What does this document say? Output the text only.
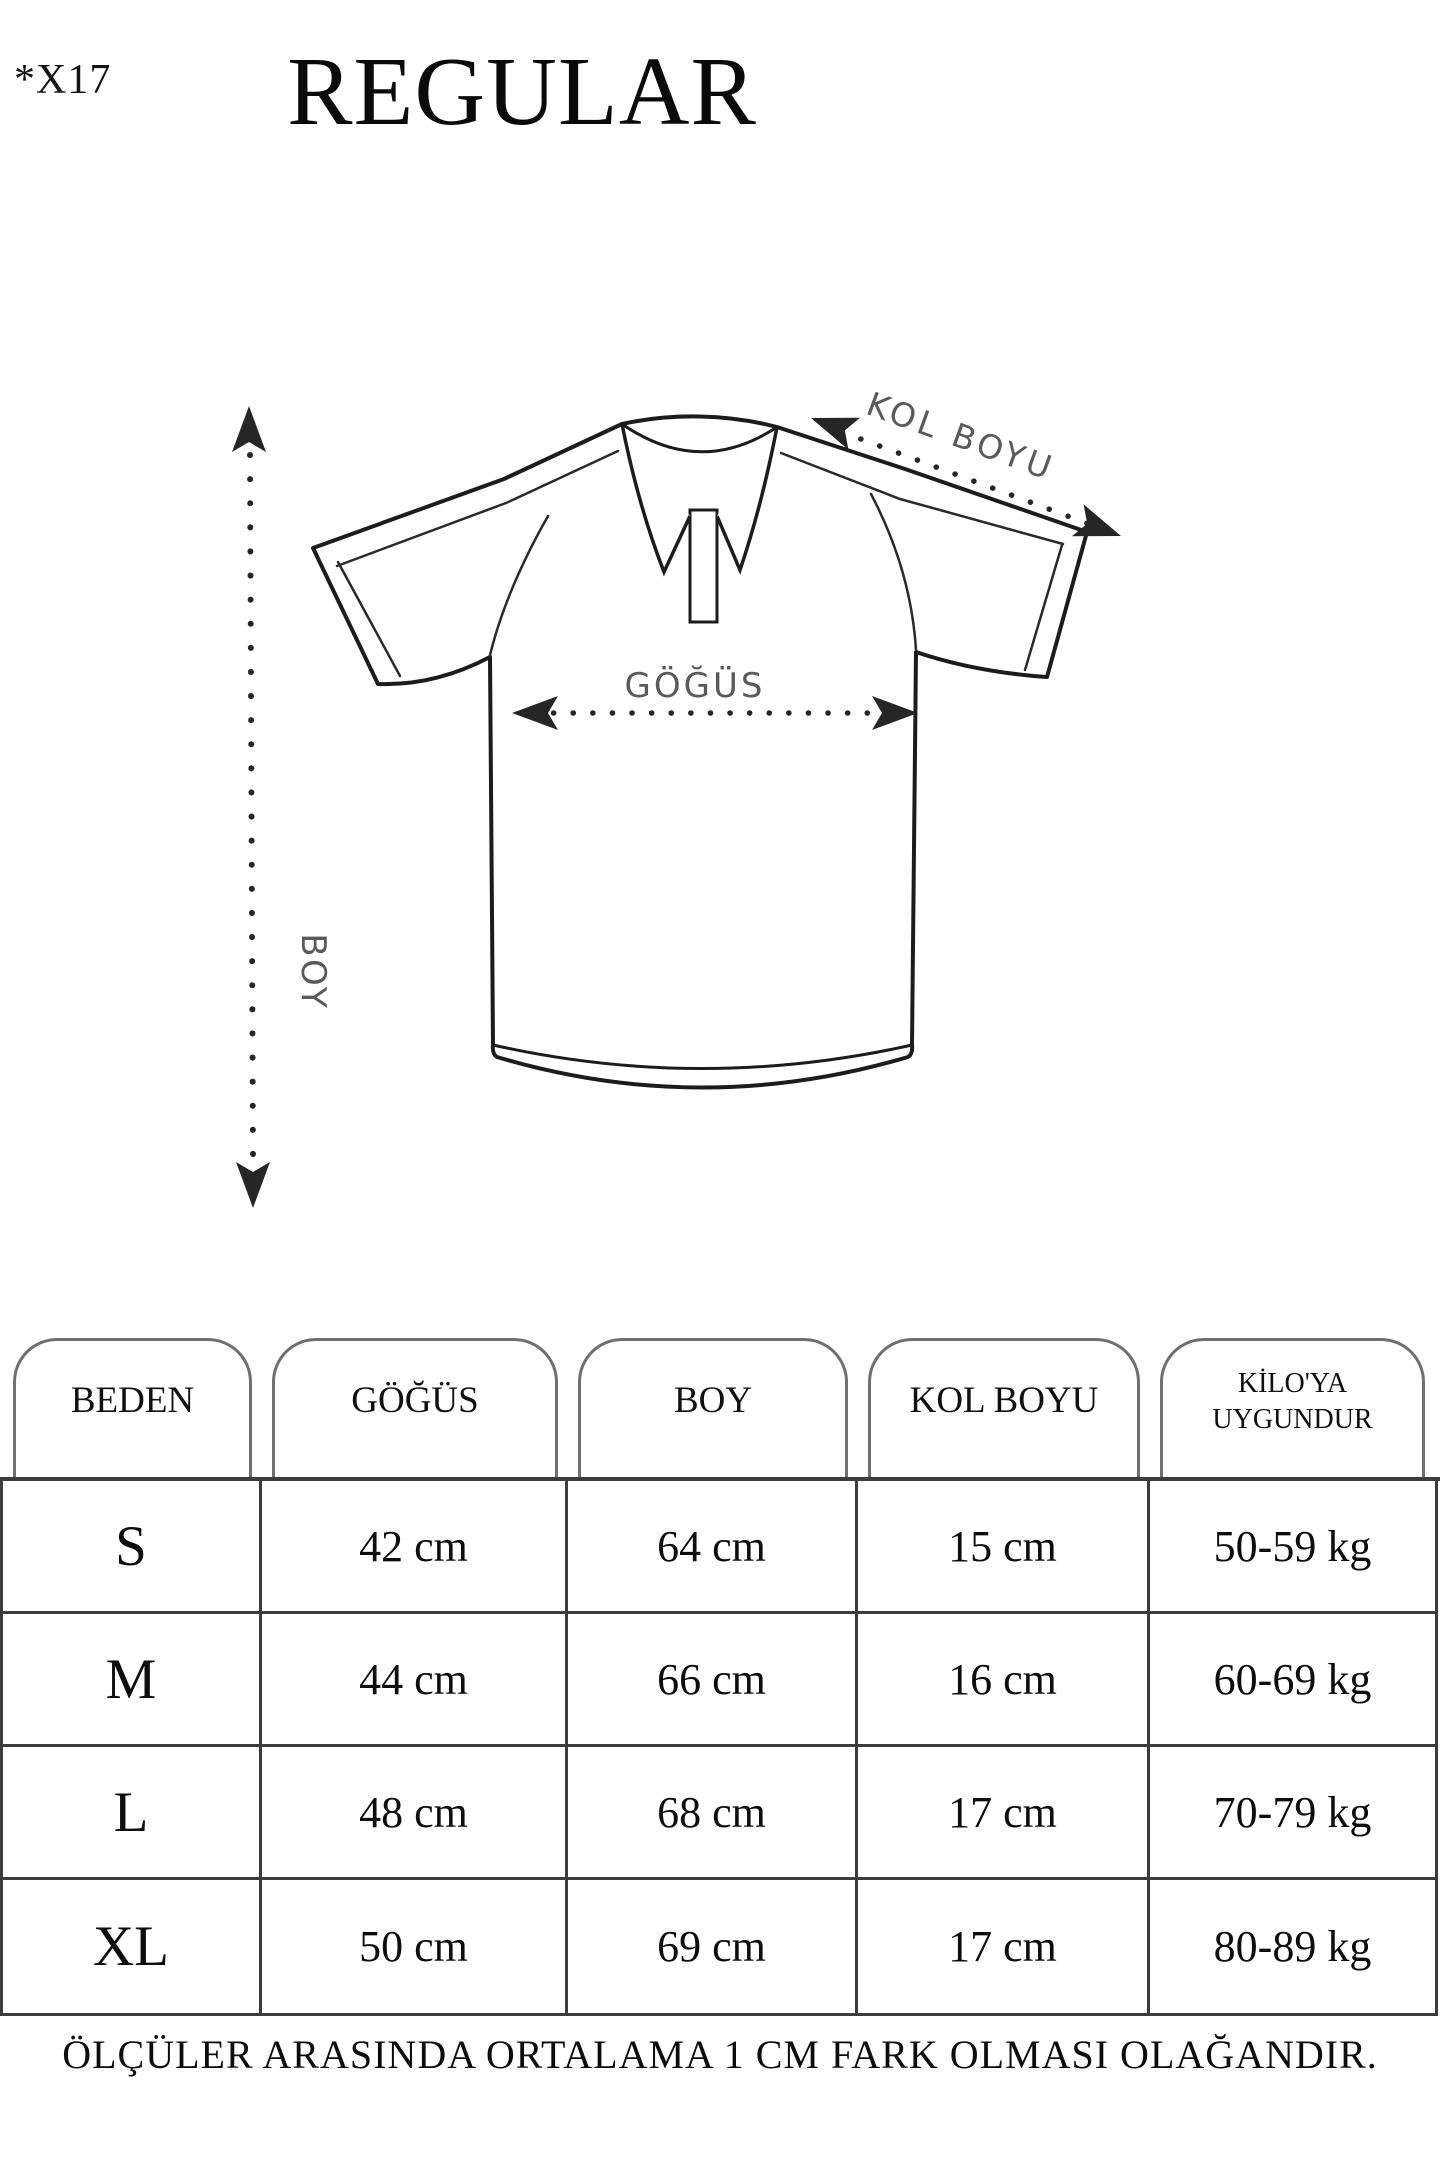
*X17	REGULAR
BOY
GÖĞÜS
KOL BOYU
BEDEN	GÖĞÜS	BOY	KOL BOYU	KİLO'YA
UYGUNDUR
S	42 cm	64 cm	15 cm	50-59 kg
M	44 cm	66 cm	16 cm	60-69 kg
L	48 cm	68 cm	17 cm	70-79 kg
XL	50 cm	69 cm	17 cm	80-89 kg
ÖLÇÜLER ARASINDA ORTALAMA 1 CM FARK OLMASI OLAĞANDIR.
